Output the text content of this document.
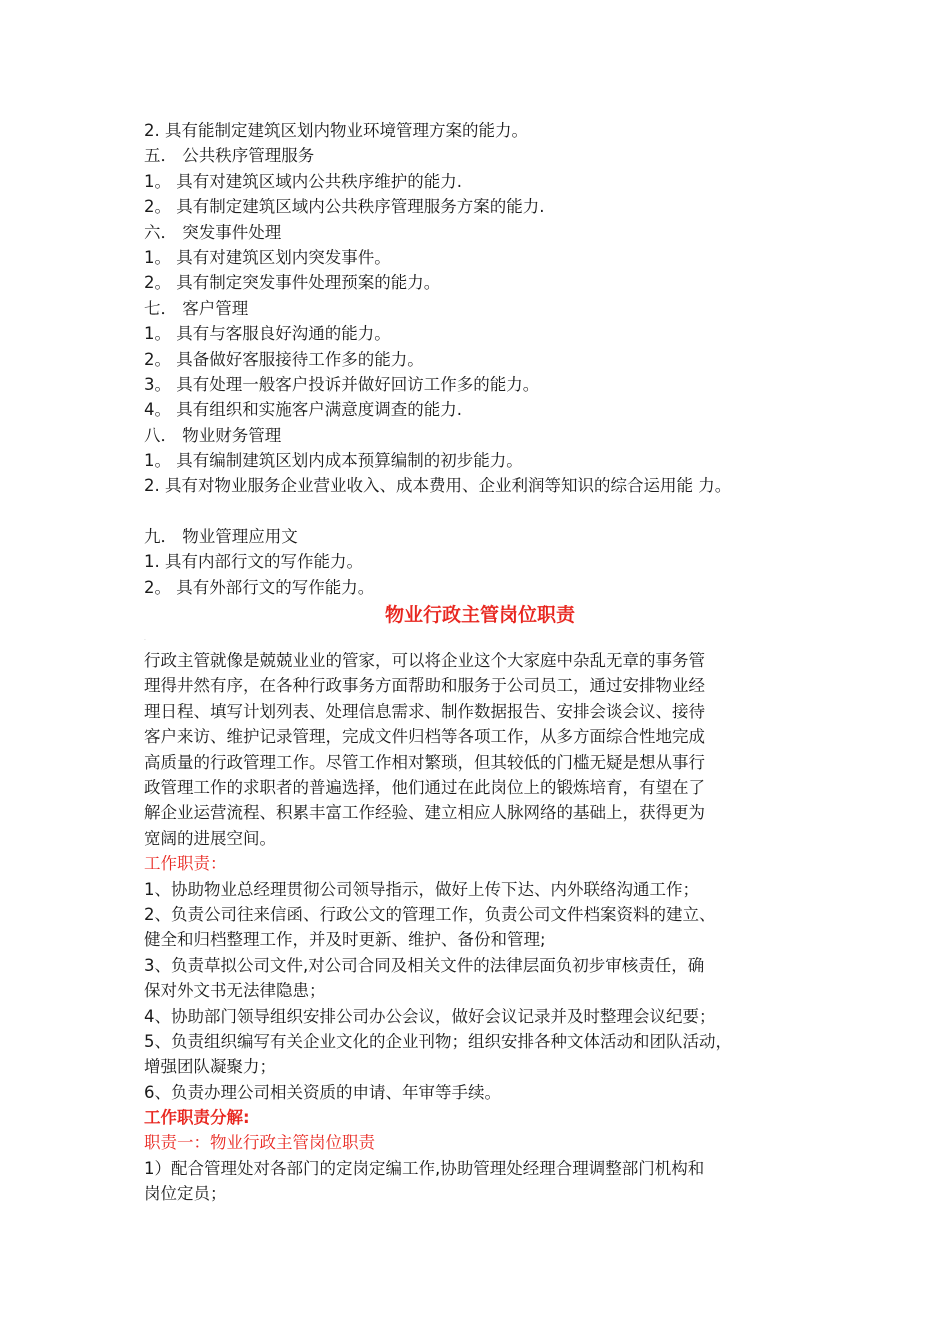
2. 具有能制定建筑区划内物业环境管理方案的能力。
五． 公共秩序管理服务
1。 具有对建筑区域内公共秩序维护的能力.
2。 具有制定建筑区域内公共秩序管理服务方案的能力.
六． 突发事件处理
1。 具有对建筑区划内突发事件。
2。 具有制定突发事件处理预案的能力。
七． 客户管理
1。 具有与客服良好沟通的能力。
2。 具备做好客服接待工作多的能力。
3。 具有处理一般客户投诉并做好回访工作多的能力。
4。 具有组织和实施客户满意度调查的能力.
八． 物业财务管理
1。 具有编制建筑区划内成本预算编制的初步能力。
2. 具有对物业服务企业营业收入、成本费用、企业利润等知识的综合运用能 力。
九． 物业管理应用文
1. 具有内部行文的写作能力。
2。 具有外部行文的写作能力。
物业行政主管岗位职责
.
行政主管就像是兢兢业业的管家，可以将企业这个大家庭中杂乱无章的事务管
理得井然有序，在各种行政事务方面帮助和服务于公司员工，通过安排物业经
理日程、填写计划列表、处理信息需求、制作数据报告、安排会谈会议、接待
客户来访、维护记录管理，完成文件归档等各项工作，从多方面综合性地完成
高质量的行政管理工作。尽管工作相对繁琐，但其较低的门槛无疑是想从事行
政管理工作的求职者的普遍选择，他们通过在此岗位上的锻炼培育，有望在了
解企业运营流程、积累丰富工作经验、建立相应人脉网络的基础上，获得更为
宽阔的进展空间。
工作职责：
1、协助物业总经理贯彻公司领导指示，做好上传下达、内外联络沟通工作；
2、负责公司往来信函、行政公文的管理工作，负责公司文件档案资料的建立、
健全和归档整理工作，并及时更新、维护、备份和管理;
3、负责草拟公司文件,对公司合同及相关文件的法律层面负初步审核责任，确
保对外文书无法律隐患；
4、协助部门领导组织安排公司办公会议，做好会议记录并及时整理会议纪要；
5、负责组织编写有关企业文化的企业刊物；组织安排各种文体活动和团队活动，
增强团队凝聚力；
6、负责办理公司相关资质的申请、年审等手续。
工作职责分解:
职责一：物业行政主管岗位职责
1）配合管理处对各部门的定岗定编工作,协助管理处经理合理调整部门机构和
岗位定员；
